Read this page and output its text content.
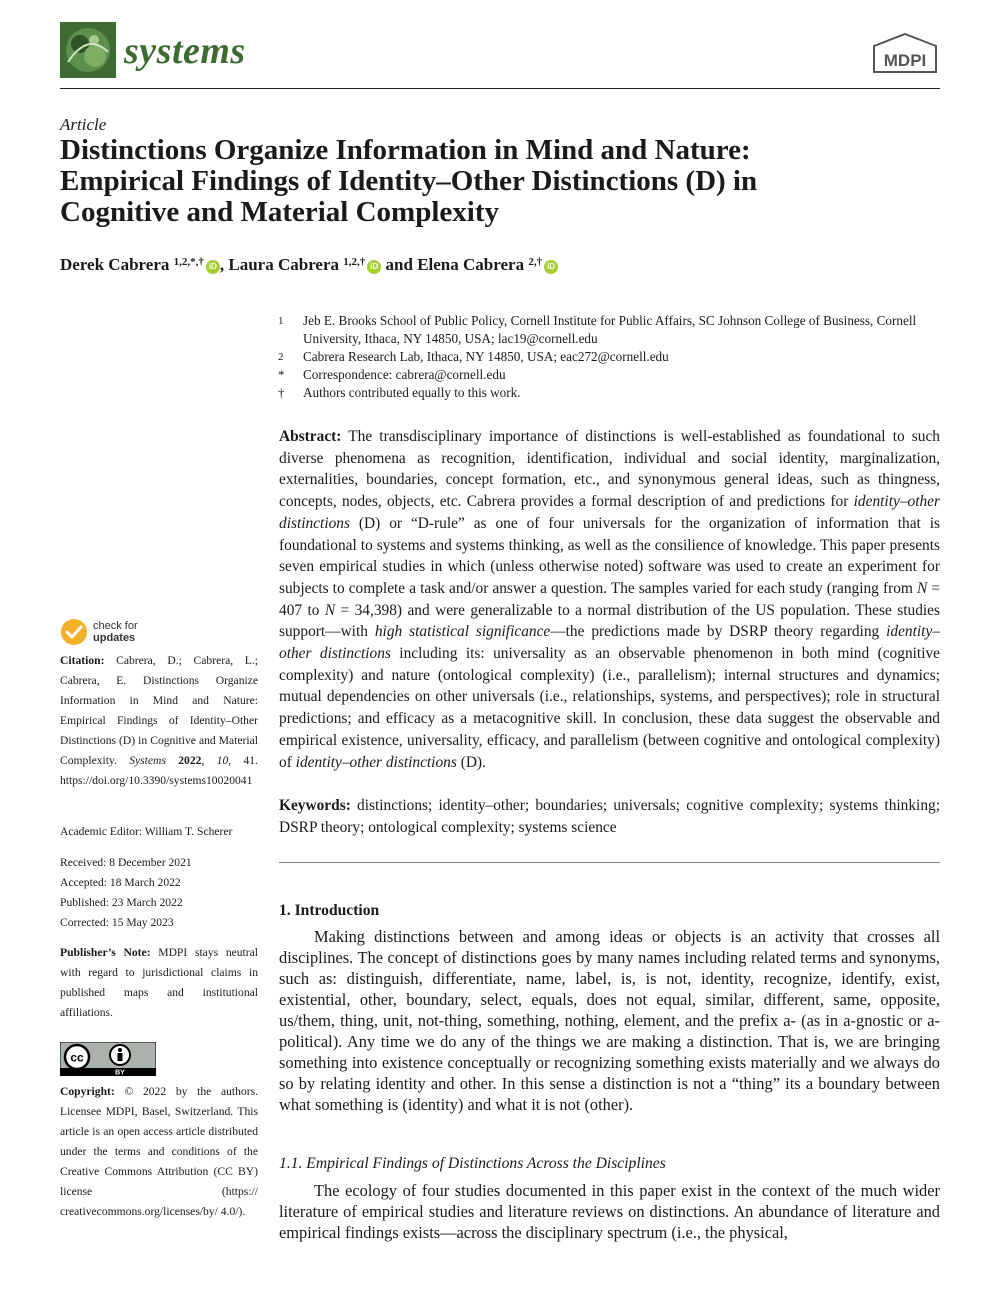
systems	MDPI
Article
Distinctions Organize Information in Mind and Nature:
Empirical Findings of Identity–Other Distinctions (D) in
Cognitive and Material Complexity
Derek Cabrera $^{1,2,*,\dagger}$ iD , Laura Cabrera $^{1,2,\dagger}$ iD and Elena Cabrera $^{2,\dagger}$ iD
1	Jeb E. Brooks School of Public Policy, Cornell Institute for Public Affairs, SC Johnson College of Business, Cornell University, Ithaca, NY 14850, USA; lac19@cornell.edu
2	Cabrera Research Lab, Ithaca, NY 14850, USA; eac272@cornell.edu
*	Correspondence: cabrera@cornell.edu
†	Authors contributed equally to this work.

Abstract: The transdisciplinary importance of distinctions is well-established as foundational to such diverse phenomena as recognition, identification, individual and social identity, marginalization, externalities, boundaries, concept formation, etc., and synonymous general ideas, such as thingness, concepts, nodes, objects, etc. Cabrera provides a formal description of and predictions for identity–other distinctions (D) or “D-rule” as one of four universals for the organization of information that is foundational to systems and systems thinking, as well as the consilience of knowledge. This paper presents seven empirical studies in which (unless otherwise noted) software was used to create an experiment for subjects to complete a task and/or answer a question. The samples varied for each study (ranging from N = 407 to N = 34,398) and were generalizable to a normal distribution of the US population. These studies support—with high statistical significance—the predictions made by DSRP theory regarding identity–other distinctions including its: universality as an observable phenomenon in both mind (cognitive complexity) and nature (ontological complexity) (i.e., parallelism); internal structures and dynamics; mutual dependencies on other universals (i.e., relationships, systems, and perspectives); role in structural predictions; and efficacy as a metacognitive skill. In conclusion, these data suggest the observable and empirical existence, universality, efficacy, and parallelism (between cognitive and ontological complexity) of identity–other distinctions (D).

Keywords: distinctions; identity–other; boundaries; universals; cognitive complexity; systems thinking; DSRP theory; ontological complexity; systems science

1. Introduction

Making distinctions between and among ideas or objects is an activity that crosses all disciplines. The concept of distinctions goes by many names including related terms and synonyms, such as: distinguish, differentiate, name, label, is, is not, identity, recognize, identify, exist, existential, other, boundary, select, equals, does not equal, similar, different, same, opposite, us/them, thing, unit, not-thing, something, nothing, element, and the prefix a- (as in a-gnostic or a-political). Any time we do any of the things we are making a distinction. That is, we are bringing something into existence conceptually or recognizing something exists materially and we always do so by relating identity and other. In this sense a distinction is not a “thing” its a boundary between what something is (identity) and what it is not (other).

1.1. Empirical Findings of Distinctions Across the Disciplines

The ecology of four studies documented in this paper exist in the context of the much wider literature of empirical studies and literature reviews on distinctions. An abundance of literature and empirical findings exists—across the disciplinary spectrum (i.e., the physical,

check for
updates

Citation: Cabrera, D.; Cabrera, L.; Cabrera, E. Distinctions Organize Information in Mind and Nature: Empirical Findings of Identity–Other Distinctions (D) in Cognitive and Material Complexity. Systems 2022, 10, 41. https://doi.org/10.3390/systems10020041

Academic Editor: William T. Scherer
Received: 8 December 2021
Accepted: 18 March 2022
Published: 23 March 2022
Corrected: 15 May 2023

Publisher’s Note: MDPI stays neutral with regard to jurisdictional claims in published maps and institutional affiliations.

cc
BY

Copyright: © 2022 by the authors. Licensee MDPI, Basel, Switzerland. This article is an open access article distributed under the terms and conditions of the Creative Commons Attribution (CC BY) license (https:// creativecommons.org/licenses/by/ 4.0/).
